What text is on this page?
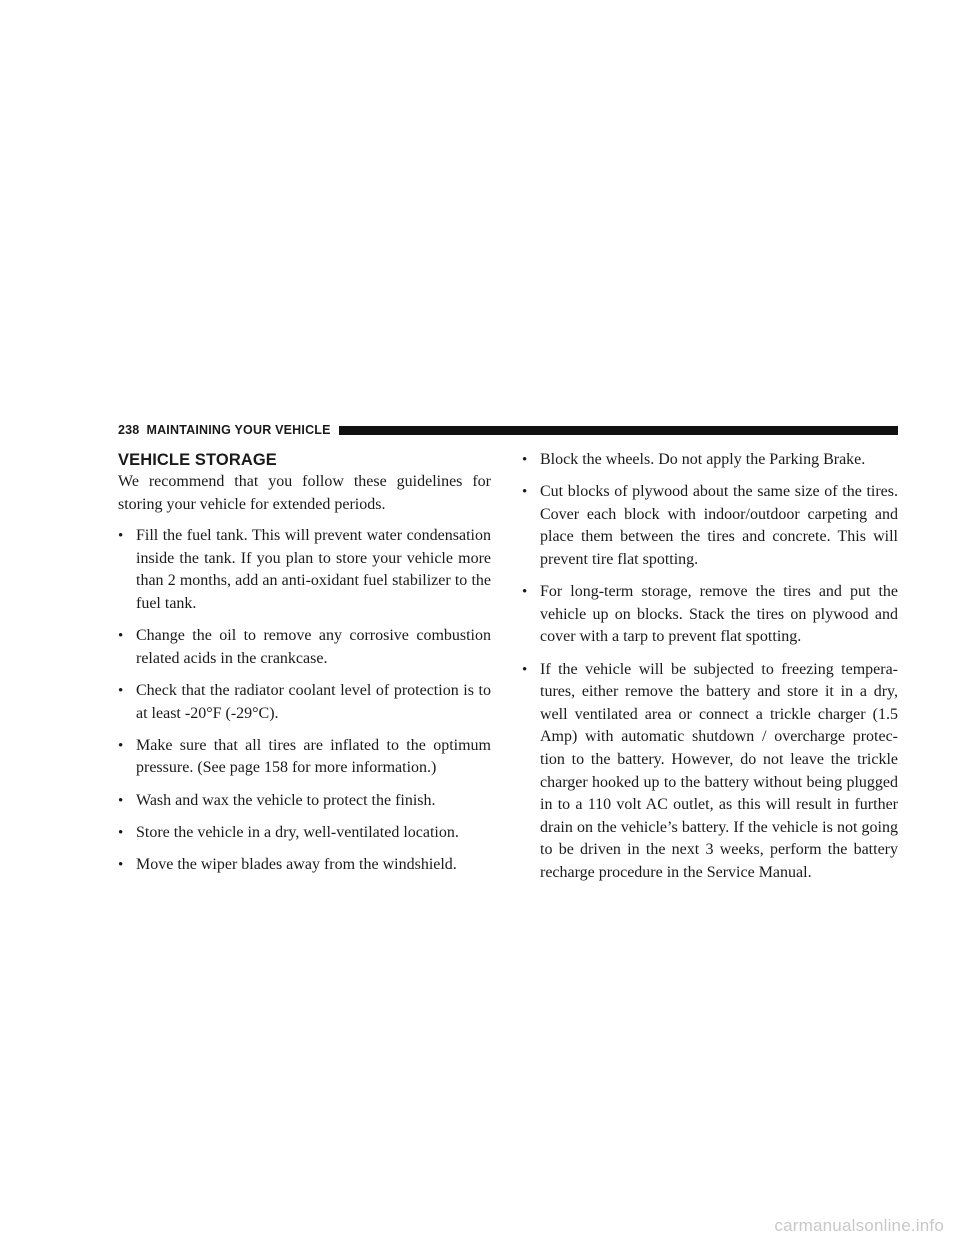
238 MAINTAINING YOUR VEHICLE
VEHICLE STORAGE

We recommend that you follow these guidelines for storing your vehicle for extended periods.

• Fill the fuel tank. This will prevent water condensation inside the tank. If you plan to store your vehicle more than 2 months, add an anti-oxidant fuel stabilizer to the fuel tank.
• Change the oil to remove any corrosive combustion related acids in the crankcase.
• Check that the radiator coolant level of protection is to at least -20°F (-29°C).
• Make sure that all tires are inflated to the optimum pressure. (See page 158 for more information.)
• Wash and wax the vehicle to protect the finish.
• Store the vehicle in a dry, well-ventilated location.
• Move the wiper blades away from the windshield.
• Block the wheels. Do not apply the Parking Brake.
• Cut blocks of plywood about the same size of the tires. Cover each block with indoor/outdoor carpeting and place them between the tires and concrete. This will prevent tire flat spotting.
• For long-term storage, remove the tires and put the vehicle up on blocks. Stack the tires on plywood and cover with a tarp to prevent flat spotting.
• If the vehicle will be subjected to freezing tempera-tures, either remove the battery and store it in a dry, well ventilated area or connect a trickle charger (1.5 Amp) with automatic shutdown / overcharge protec-tion to the battery. However, do not leave the trickle charger hooked up to the battery without being plugged in to a 110 volt AC outlet, as this will result in further drain on the vehicle’s battery. If the vehicle is not going to be driven in the next 3 weeks, perform the battery recharge procedure in the Service Manual.
carmanualsonline.info
